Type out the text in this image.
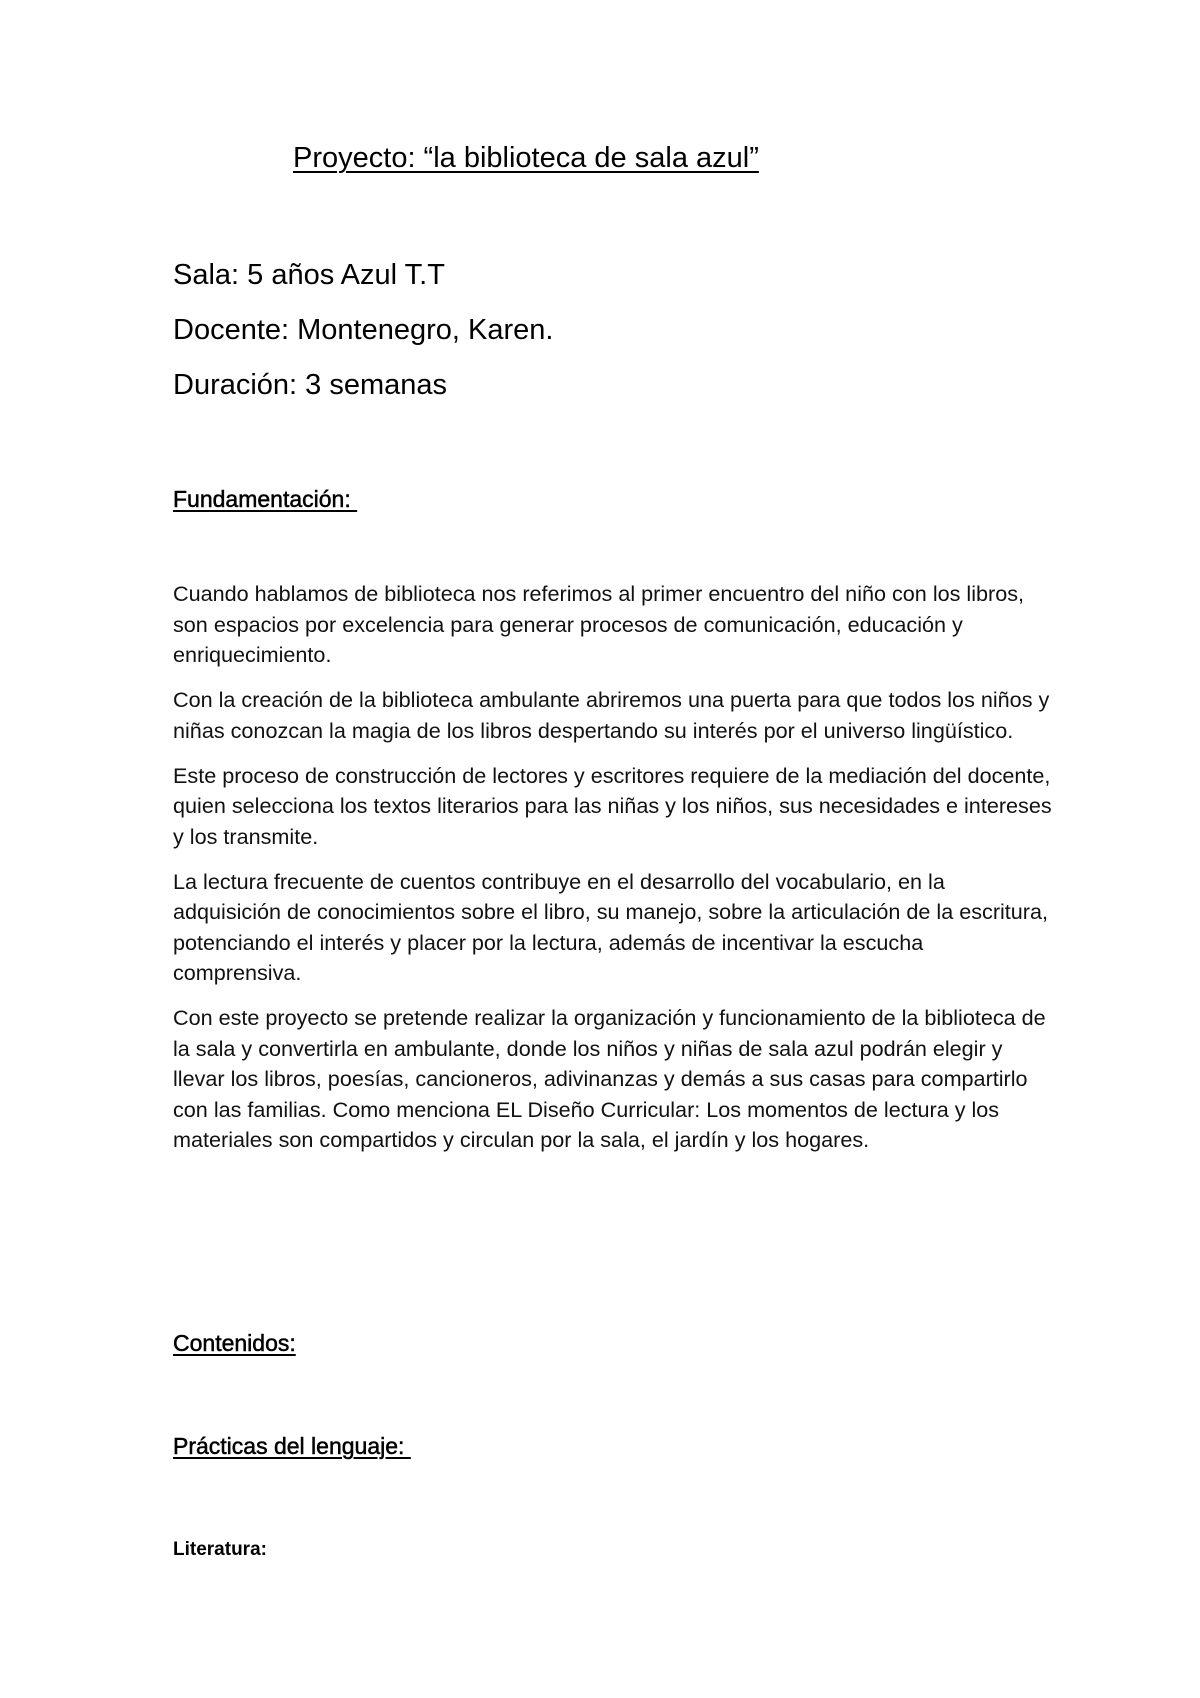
Proyecto: “la biblioteca de sala azul”

Sala: 5 años Azul T.T

Docente: Montenegro, Karen.

Duración: 3 semanas

Fundamentación:

Cuando hablamos de biblioteca nos referimos al primer encuentro del niño con los libros, son espacios por excelencia para generar procesos de comunicación, educación y enriquecimiento.

Con la creación de la biblioteca ambulante abriremos una puerta para que todos los niños y niñas conozcan la magia de los libros despertando su interés por el universo lingüístico.

Este proceso de construcción de lectores y escritores requiere de la mediación del docente, quien selecciona los textos literarios para las niñas y los niños, sus necesidades e intereses y los transmite.

La lectura frecuente de cuentos contribuye en el desarrollo del vocabulario, en la adquisición de conocimientos sobre el libro, su manejo, sobre la articulación de la escritura, potenciando el interés y placer por la lectura, además de incentivar la escucha comprensiva.

Con este proyecto se pretende realizar la organización y funcionamiento de la biblioteca de la sala y convertirla en ambulante, donde los niños y niñas de sala azul podrán elegir y llevar los libros, poesías, cancioneros, adivinanzas y demás a sus casas para compartirlo con las familias. Como menciona EL Diseño Curricular: Los momentos de lectura y los materiales son compartidos y circulan por la sala, el jardín y los hogares.

Contenidos:
Prácticas del lenguaje:
Literatura:
